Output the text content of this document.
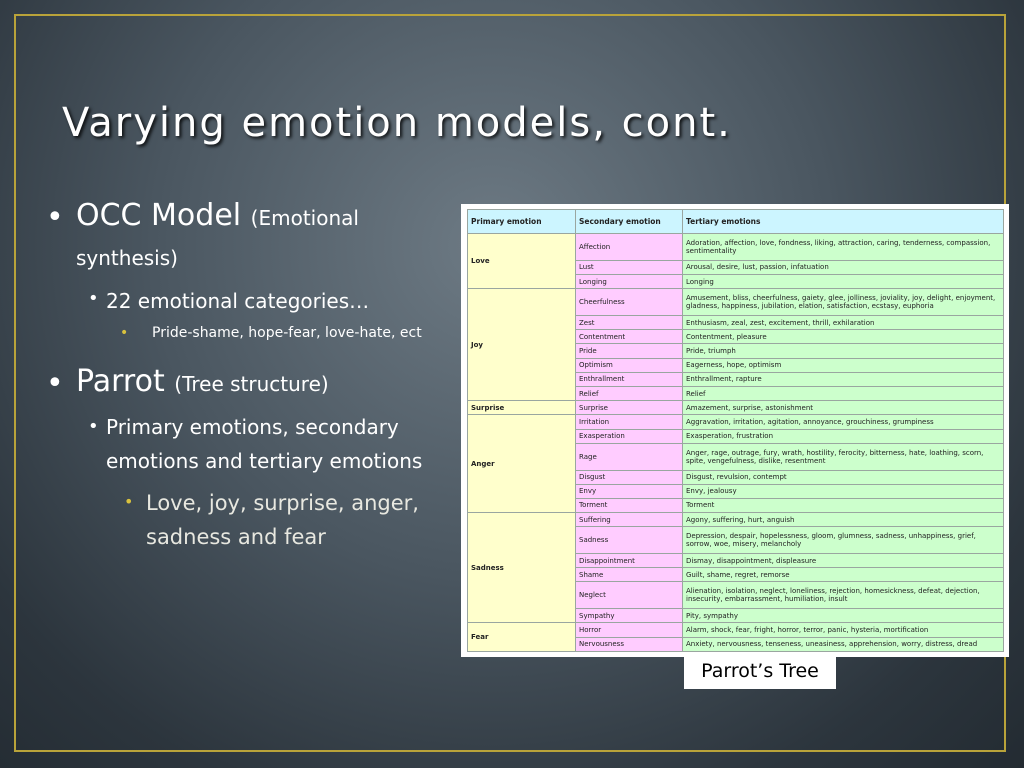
Varying emotion models, cont.
• OCC Model (Emotional
synthesis)
• 22 emotional categories…
• Pride-shame, hope-fear, love-hate, ect
• Parrot (Tree structure)
• Primary emotions, secondary
emotions and tertiary emotions
• Love, joy, surprise, anger,
sadness and fear
Primary emotion	Secondary emotion	Tertiary emotions
Love	Affection	Adoration, affection, love, fondness, liking, attraction, caring, tenderness, compassion, sentimentality
	Lust	Arousal, desire, lust, passion, infatuation
	Longing	Longing
Joy	Cheerfulness	Amusement, bliss, cheerfulness, gaiety, glee, jolliness, joviality, joy, delight, enjoyment, gladness, happiness, jubilation, elation, satisfaction, ecstasy, euphoria
	Zest	Enthusiasm, zeal, zest, excitement, thrill, exhilaration
	Contentment	Contentment, pleasure
	Pride	Pride, triumph
	Optimism	Eagerness, hope, optimism
	Enthrallment	Enthrallment, rapture
	Relief	Relief
Surprise	Surprise	Amazement, surprise, astonishment
Anger	Irritation	Aggravation, irritation, agitation, annoyance, grouchiness, grumpiness
	Exasperation	Exasperation, frustration
	Rage	Anger, rage, outrage, fury, wrath, hostility, ferocity, bitterness, hate, loathing, scorn, spite, vengefulness, dislike, resentment
	Disgust	Disgust, revulsion, contempt
	Envy	Envy, jealousy
	Torment	Torment
Sadness	Suffering	Agony, suffering, hurt, anguish
	Sadness	Depression, despair, hopelessness, gloom, glumness, sadness, unhappiness, grief, sorrow, woe, misery, melancholy
	Disappointment	Dismay, disappointment, displeasure
	Shame	Guilt, shame, regret, remorse
	Neglect	Alienation, isolation, neglect, loneliness, rejection, homesickness, defeat, dejection, insecurity, embarrassment, humiliation, insult
	Sympathy	Pity, sympathy
Fear	Horror	Alarm, shock, fear, fright, horror, terror, panic, hysteria, mortification
	Nervousness	Anxiety, nervousness, tenseness, uneasiness, apprehension, worry, distress, dread
Parrot’s Tree
